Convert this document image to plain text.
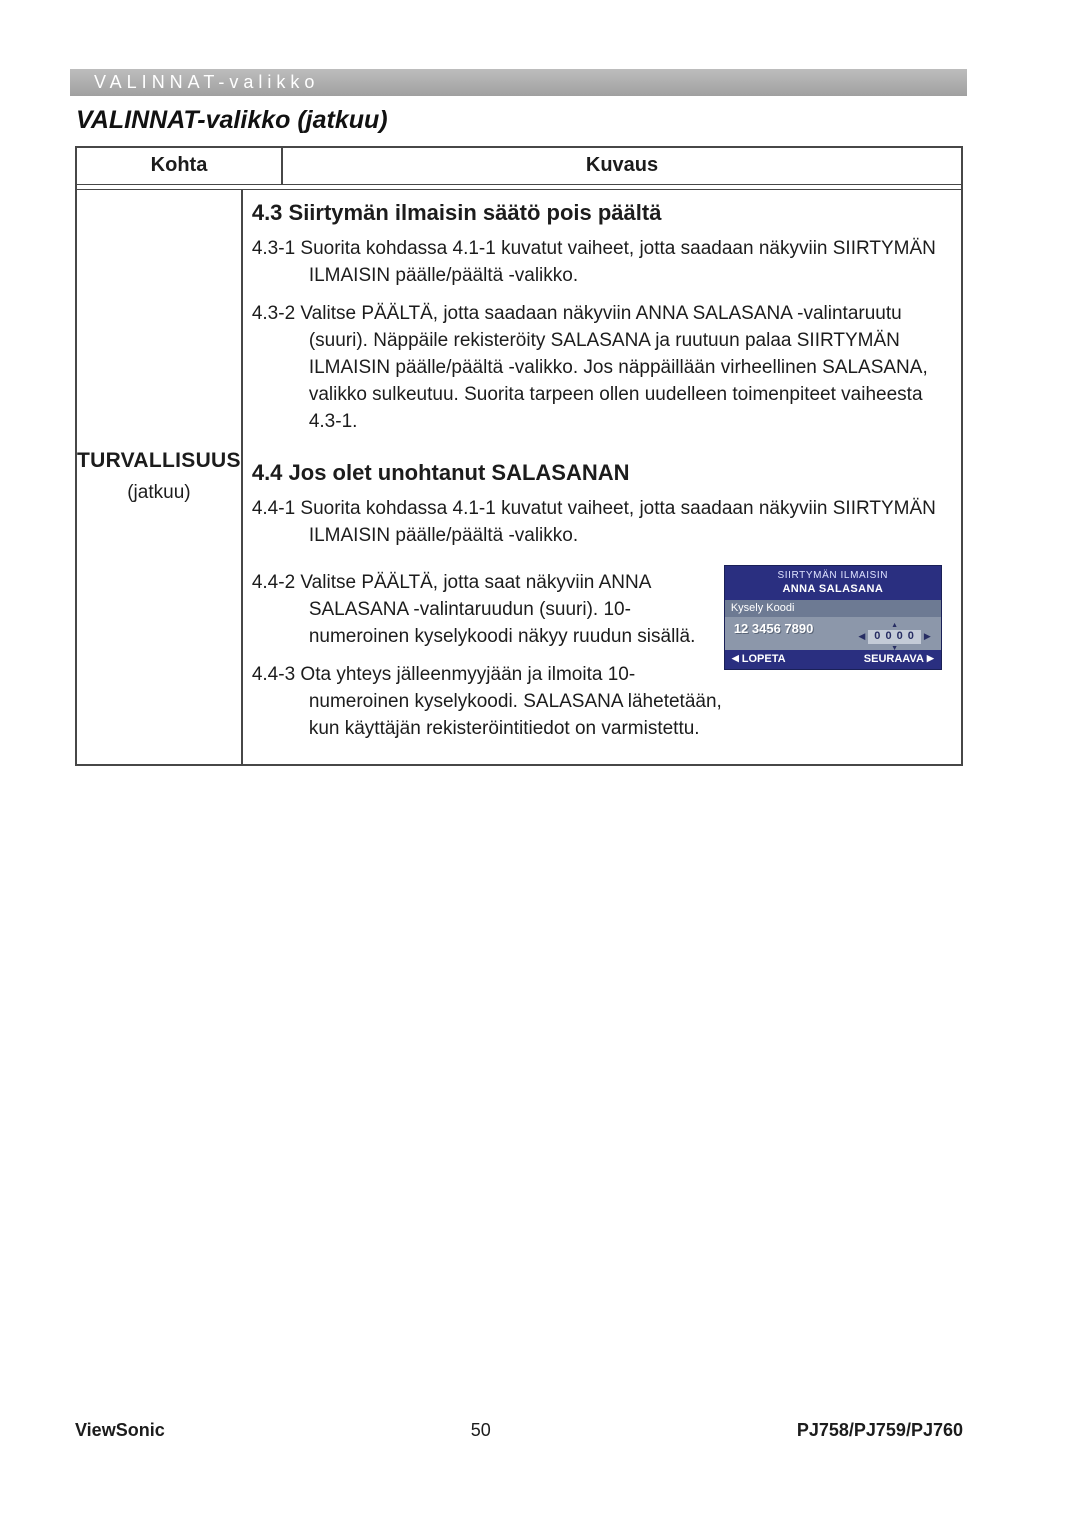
VALINNAT-valikko
VALINNAT-valikko (jatkuu)
Kohta	Kuvaus
TURVALLISUUS
(jatkuu)
4.3 Siirtymän ilmaisin säätö pois päältä
4.3-1 Suorita kohdassa 4.1-1 kuvatut vaiheet, jotta saadaan näkyviin SIIRTYMÄN ILMAISIN päälle/päältä -valikko.
4.3-2 Valitse PÄÄLTÄ, jotta saadaan näkyviin ANNA SALASANA -valintaruutu (suuri). Näppäile rekisteröity SALASANA ja ruutuun palaa SIIRTYMÄN ILMAISIN päälle/päältä -valikko. Jos näppäillään virheellinen SALASANA, valikko sulkeutuu. Suorita tarpeen ollen uudelleen toimenpiteet vaiheesta 4.3-1.
4.4 Jos olet unohtanut SALASANAN
4.4-1 Suorita kohdassa 4.1-1 kuvatut vaiheet, jotta saadaan näkyviin SIIRTYMÄN ILMAISIN päälle/päältä -valikko.
4.4-2 Valitse PÄÄLTÄ, jotta saat näkyviin ANNA SALASANA -valintaruudun (suuri). 10-numeroinen kyselykoodi näkyy ruudun sisällä.
4.4-3 Ota yhteys jälleenmyyjään ja ilmoita 10-numeroinen kyselykoodi. SALASANA lähetetään, kun käyttäjän rekisteröintitiedot on varmistettu.
SIIRTYMÄN ILMAISIN
ANNA SALASANA
Kysely Koodi
12 3456 7890	▲
◀ 0 0 0 0	▶
▼
◀ LOPETA	SEURAAVA ▶
ViewSonic	50	PJ758/PJ759/PJ760
